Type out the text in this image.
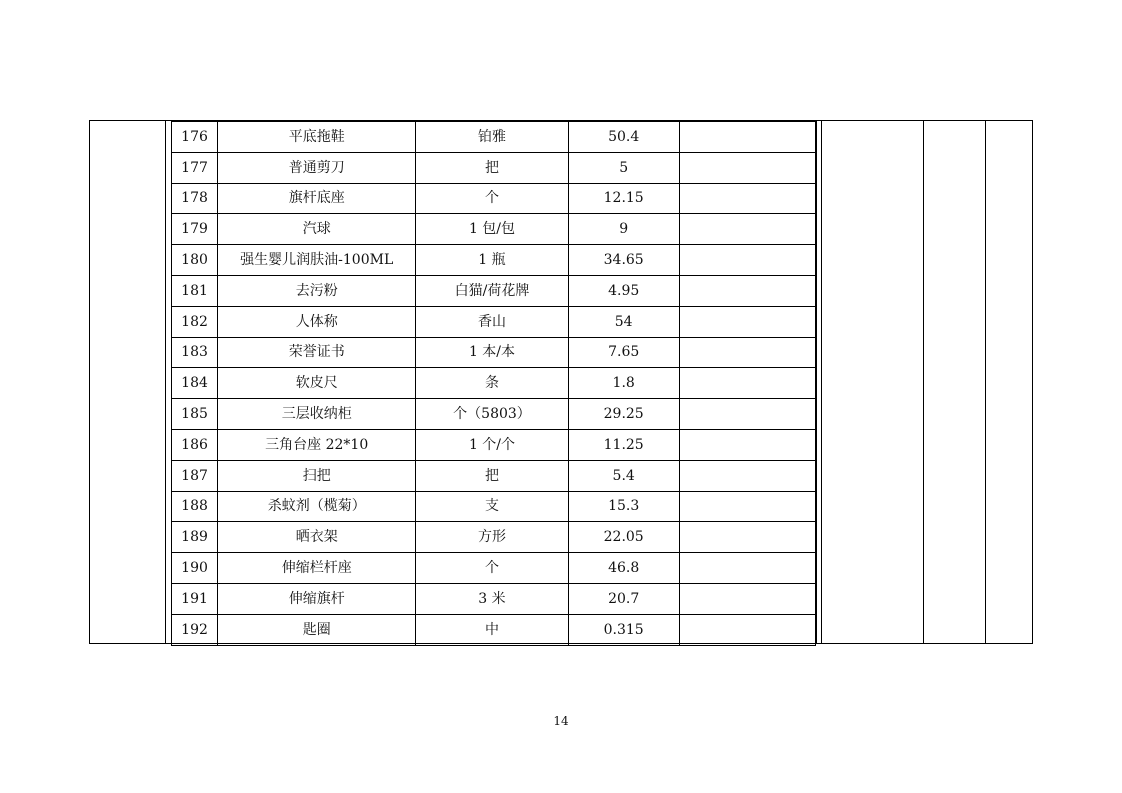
176	平底拖鞋	铂雅	50.4	
177	普通剪刀	把	5	
178	旗杆底座	个	12.15	
179	汽球	1 包/包	9	
180	强生婴儿润肤油-100ML	1 瓶	34.65	
181	去污粉	白猫/荷花牌	4.95	
182	人体称	香山	54	
183	荣誉证书	1 本/本	7.65	
184	软皮尺	条	1.8	
185	三层收纳柜	个（5803）	29.25	
186	三角台座 22*10	1 个/个	11.25	
187	扫把	把	5.4	
188	杀蚊剂（榄菊）	支	15.3	
189	晒衣架	方形	22.05	
190	伸缩栏杆座	个	46.8	
191	伸缩旗杆	3 米	20.7	
192	匙圈	中	0.315	
14
